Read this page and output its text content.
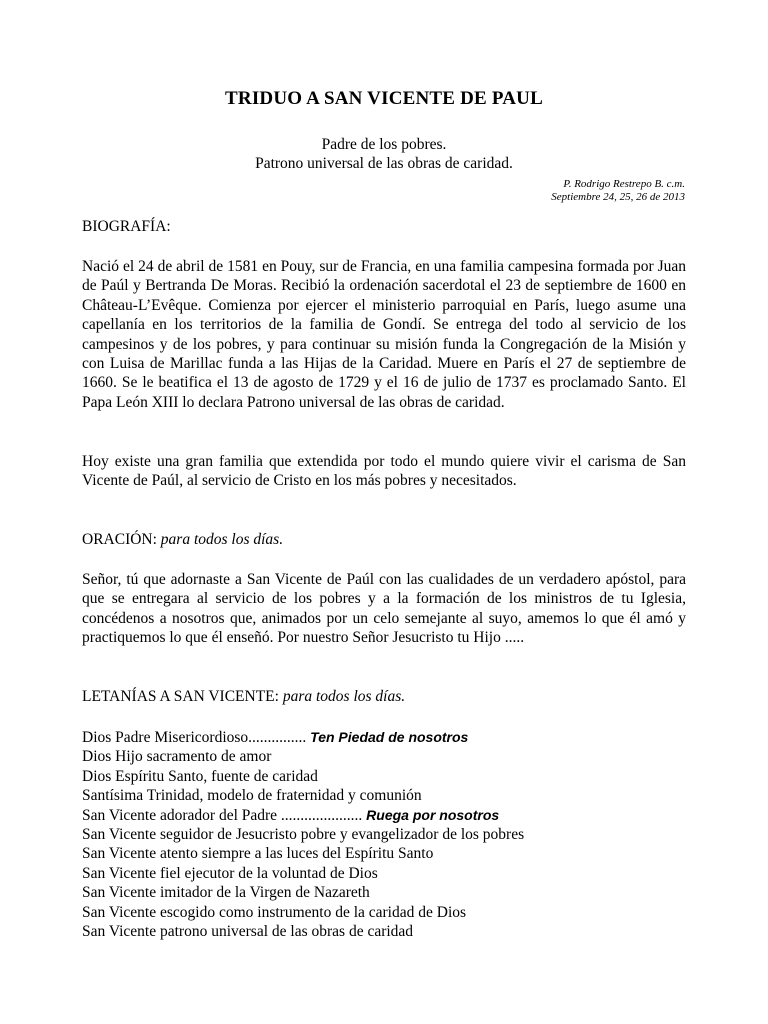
TRIDUO A SAN VICENTE DE PAUL
Padre de los pobres.
Patrono universal de las obras de caridad.
P. Rodrigo Restrepo B. c.m.
Septiembre 24, 25, 26 de 2013
BIOGRAFÍA:
Nació el 24 de abril de 1581 en Pouy, sur de Francia, en una familia campesina formada por Juan de Paúl y Bertranda De Moras. Recibió la ordenación sacerdotal el 23 de septiembre de 1600 en Château-L’Evêque. Comienza por ejercer el ministerio parroquial en París, luego asume una capellanía en los territorios de la familia de Gondí. Se entrega del todo al servicio de los campesinos y de los pobres, y para continuar su misión funda la Congregación de la Misión y con Luisa de Marillac funda a las Hijas de la Caridad. Muere en París el 27 de septiembre de 1660. Se le beatifica el 13 de agosto de 1729 y el 16 de julio de 1737 es proclamado Santo. El Papa León XIII lo declara Patrono universal de las obras de caridad.
Hoy existe una gran familia que extendida por todo el mundo quiere vivir el carisma de San Vicente de Paúl, al servicio de Cristo en los más pobres y necesitados.
ORACIÓN: para todos los días.
Señor, tú que adornaste a San Vicente de Paúl con las cualidades de un verdadero apóstol, para que se entregara al servicio de los pobres y a la formación de los ministros de tu Iglesia, concédenos a nosotros que, animados por un celo semejante al suyo, amemos lo que él amó y practiquemos lo que él enseñó. Por nuestro Señor Jesucristo tu Hijo .....
LETANÍAS A SAN VICENTE: para todos los días.
Dios Padre Misericordioso............... Ten Piedad de nosotros
Dios Hijo sacramento de amor
Dios Espíritu Santo, fuente de caridad
Santísima Trinidad, modelo de fraternidad y comunión
San Vicente adorador del Padre ..................... Ruega por nosotros
San Vicente seguidor de Jesucristo pobre y evangelizador de los pobres
San Vicente atento siempre a las luces del Espíritu Santo
San Vicente fiel ejecutor de la voluntad de Dios
San Vicente imitador de la Virgen de Nazareth
San Vicente escogido como instrumento de la caridad de Dios
San Vicente patrono universal de las obras de caridad
